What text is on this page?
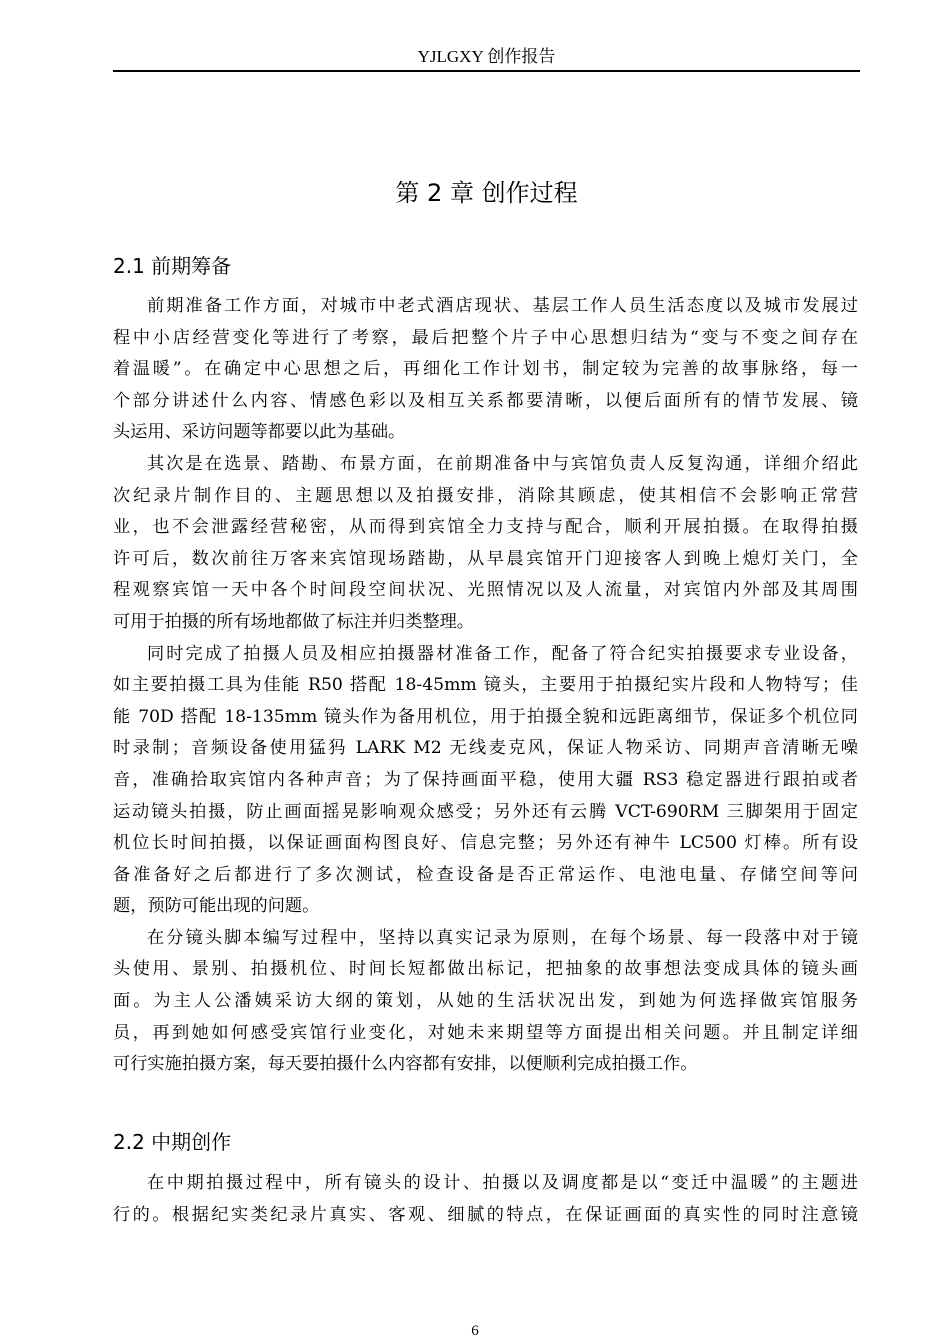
YJLGXY 创作报告
第 2 章 创作过程
2.1 前期筹备
前期准备工作方面，对城市中老式酒店现状、基层工作人员生活态度以及城市发展过
程中小店经营变化等进行了考察，最后把整个片子中心思想归结为“变与不变之间存在
着温暖”。在确定中心思想之后，再细化工作计划书，制定较为完善的故事脉络，每一
个部分讲述什么内容、情感色彩以及相互关系都要清晰，以便后面所有的情节发展、镜
头运用、采访问题等都要以此为基础。
其次是在选景、踏勘、布景方面，在前期准备中与宾馆负责人反复沟通，详细介绍此
次纪录片制作目的、主题思想以及拍摄安排，消除其顾虑，使其相信不会影响正常营
业，也不会泄露经营秘密，从而得到宾馆全力支持与配合，顺利开展拍摄。在取得拍摄
许可后，数次前往万客来宾馆现场踏勘，从早晨宾馆开门迎接客人到晚上熄灯关门，全
程观察宾馆一天中各个时间段空间状况、光照情况以及人流量，对宾馆内外部及其周围
可用于拍摄的所有场地都做了标注并归类整理。
同时完成了拍摄人员及相应拍摄器材准备工作，配备了符合纪实拍摄要求专业设备，
如主要拍摄工具为佳能 R50 搭配 18-45mm 镜头，主要用于拍摄纪实片段和人物特写；佳
能 70D 搭配 18-135mm 镜头作为备用机位，用于拍摄全貌和远距离细节，保证多个机位同
时录制；音频设备使用猛犸 LARK M2 无线麦克风，保证人物采访、同期声音清晰无噪
音，准确拾取宾馆内各种声音；为了保持画面平稳，使用大疆 RS3 稳定器进行跟拍或者
运动镜头拍摄，防止画面摇晃影响观众感受；另外还有云腾 VCT-690RM 三脚架用于固定
机位长时间拍摄，以保证画面构图良好、信息完整；另外还有神牛 LC500 灯棒。所有设
备准备好之后都进行了多次测试，检查设备是否正常运作、电池电量、存储空间等问
题，预防可能出现的问题。
在分镜头脚本编写过程中，坚持以真实记录为原则，在每个场景、每一段落中对于镜
头使用、景别、拍摄机位、时间长短都做出标记，把抽象的故事想法变成具体的镜头画
面。为主人公潘姨采访大纲的策划，从她的生活状况出发，到她为何选择做宾馆服务
员，再到她如何感受宾馆行业变化，对她未来期望等方面提出相关问题。并且制定详细
可行实施拍摄方案，每天要拍摄什么内容都有安排，以便顺利完成拍摄工作。
2.2 中期创作
在中期拍摄过程中，所有镜头的设计、拍摄以及调度都是以“变迁中温暖”的主题进
行的。根据纪实类纪录片真实、客观、细腻的特点，在保证画面的真实性的同时注意镜
6
